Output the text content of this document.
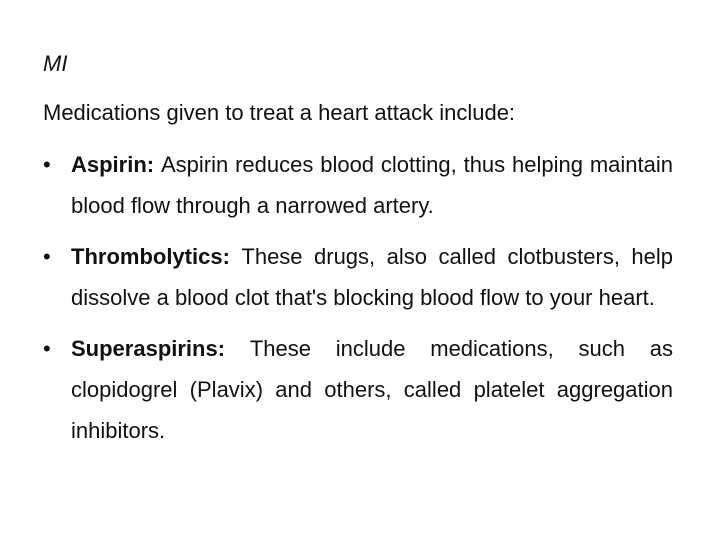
MI

Medications given to treat a heart attack include:

• Aspirin: Aspirin reduces blood clotting, thus helping maintain blood flow through a narrowed artery.
• Thrombolytics: These drugs, also called clotbusters, help dissolve a blood clot that's blocking blood flow to your heart.
• Superaspirins: These include medications, such as clopidogrel (Plavix) and others, called platelet aggregation inhibitors.
